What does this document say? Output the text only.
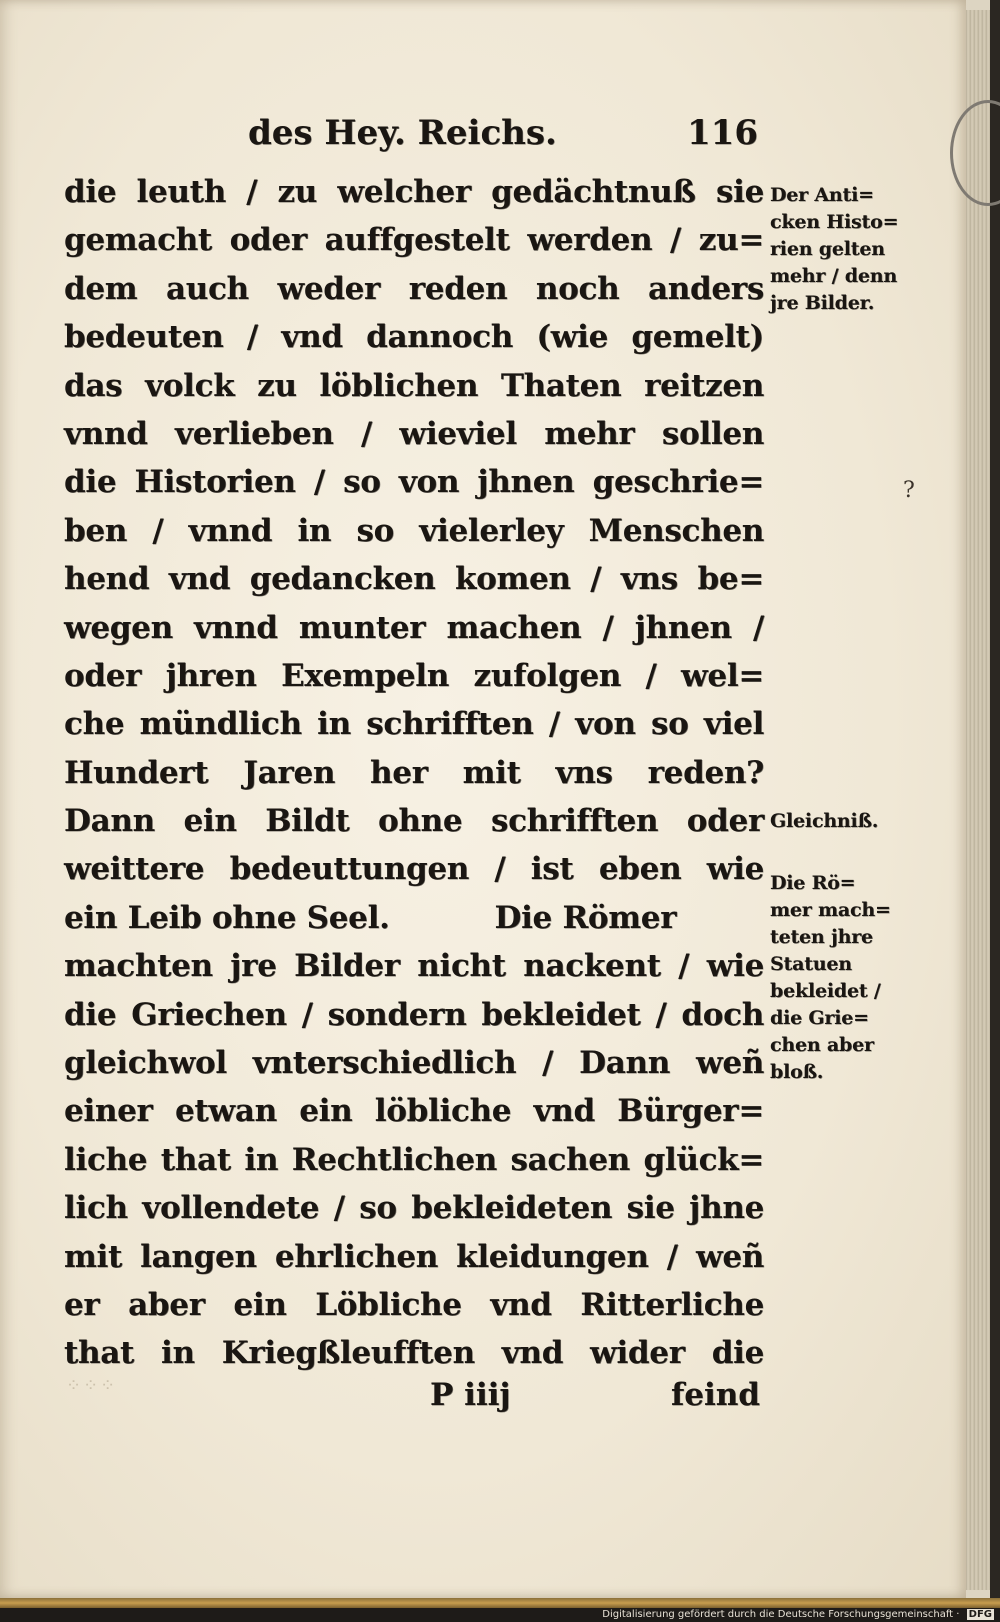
des Hey. Reichs.	116
die leuth / zu welcher gedächtnuß sie
gemacht oder auffgestelt werden / zu=
dem auch weder reden noch anders
bedeuten / vnd dannoch (wie gemelt)
das volck zu löblichen Thaten reitzen
vnnd verlieben / wieviel mehr sollen
die Historien / so von jhnen geschrie=
ben / vnnd in so vielerley Menschen
hend vnd gedancken komen / vns be=
wegen vnnd munter machen / jhnen /
oder jhren Exempeln zufolgen / wel=
che mündlich in schrifften / von so viel
Hundert Jaren her mit vns reden?
Dann ein Bildt ohne schrifften oder
weittere bedeuttungen / ist eben wie
ein Leib ohne Seel.          Die Römer
machten jre Bilder nicht nackent / wie
die Griechen / sondern bekleidet / doch
gleichwol vnterschiedlich / Dann weñ
einer etwan ein löbliche vnd Bürger=
liche that in Rechtlichen sachen glück=
lich vollendete / so bekleideten sie jhne
mit langen ehrlichen kleidungen / weñ
er aber ein Löbliche vnd Ritterliche
that in Kriegßleufften vnd wider die
Der Anti=
cken Histo=
rien gelten
mehr / denn
jre Bilder.
Gleichniß.
Die Rö=
mer mach=
teten jhre
Statuen
bekleidet /
die Grie=
chen aber
bloß.
?
⁘⁘⁘	P iiij	feind
Digitalisierung gefördert durch die Deutsche Forschungsgemeinschaft · DFG
